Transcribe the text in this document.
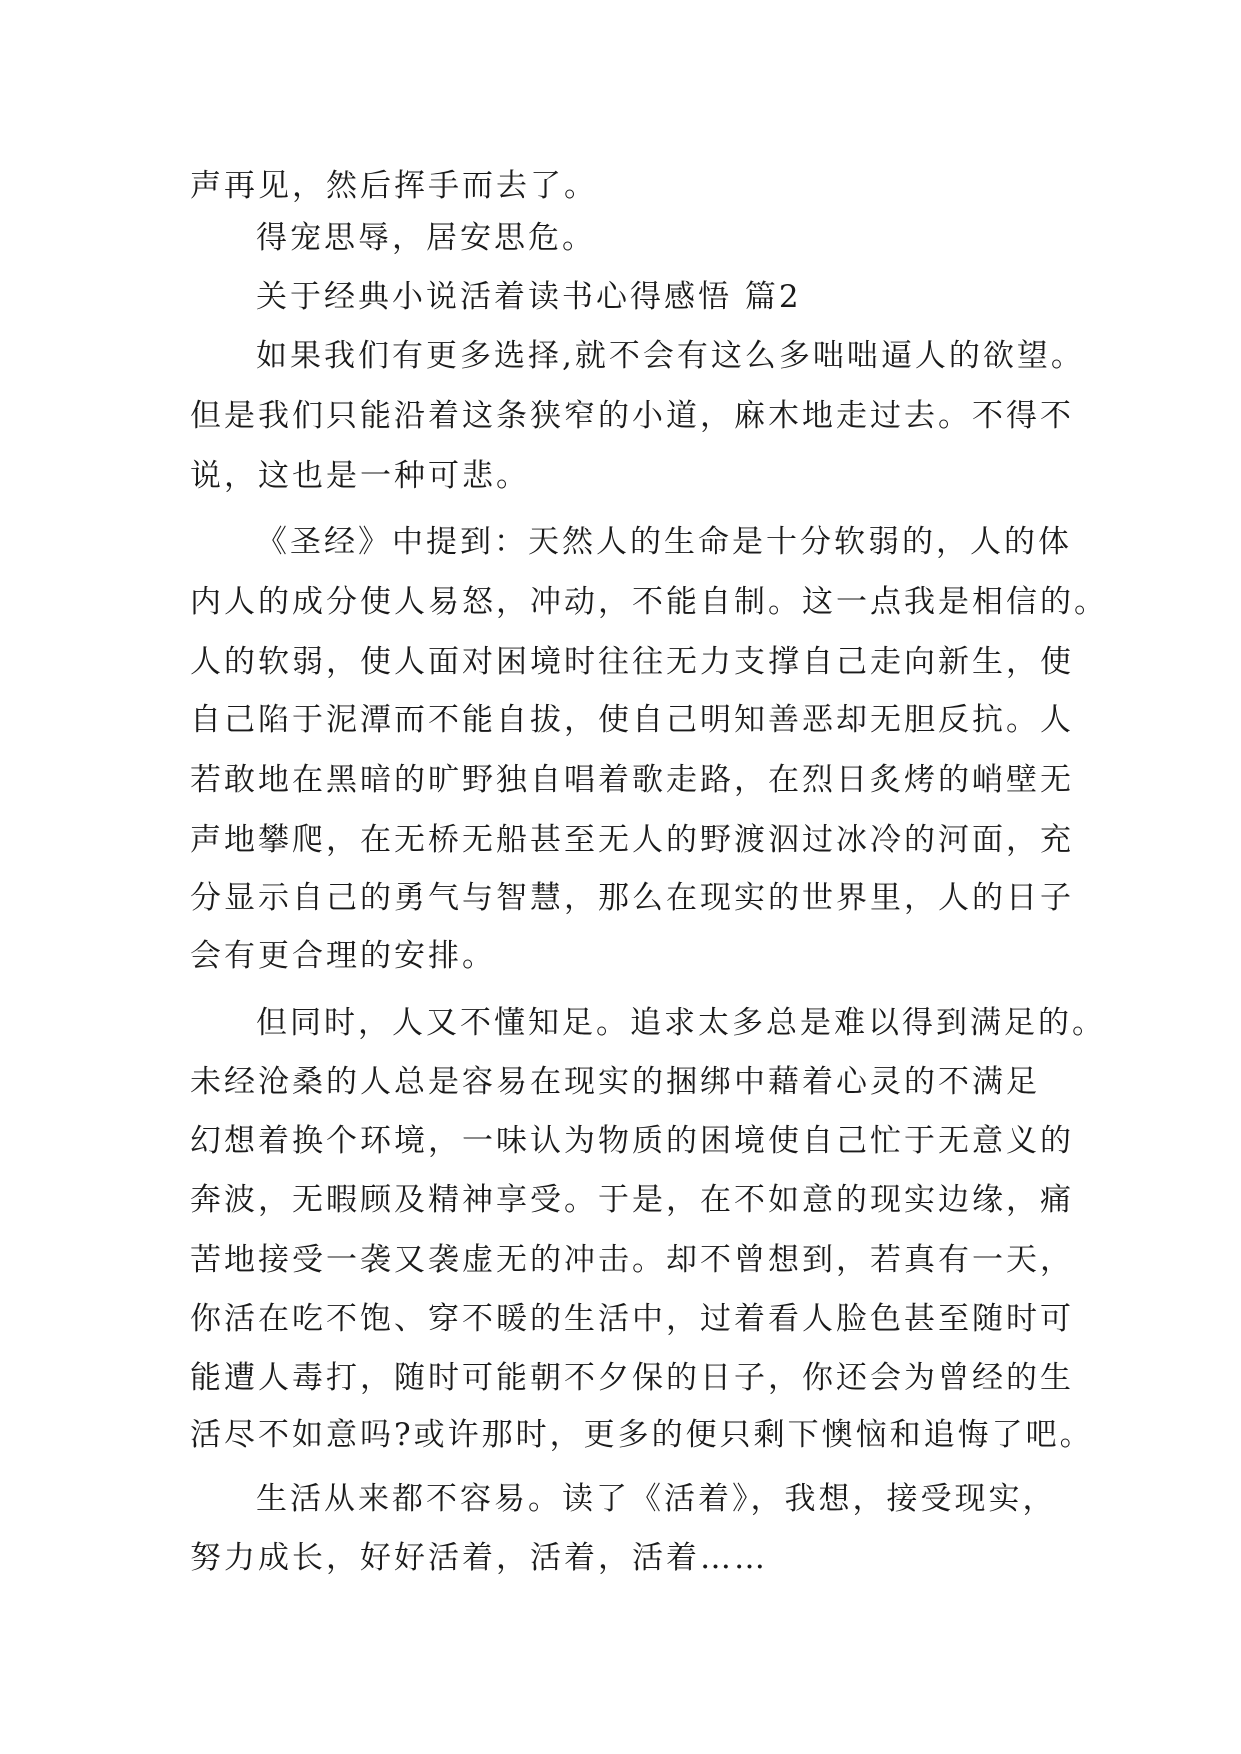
声再见，然后挥手而去了。
得宠思辱，居安思危。
关于经典小说活着读书心得感悟 篇2
如果我们有更多选择,就不会有这么多咄咄逼人的欲望。
但是我们只能沿着这条狭窄的小道，麻木地走过去。不得不
说，这也是一种可悲。
《圣经》中提到：天然人的生命是十分软弱的，人的体
内人的成分使人易怒，冲动，不能自制。这一点我是相信的。
人的软弱，使人面对困境时往往无力支撑自己走向新生，使
自己陷于泥潭而不能自拔，使自己明知善恶却无胆反抗。人
若敢地在黑暗的旷野独自唱着歌走路，在烈日炙烤的峭壁无
声地攀爬，在无桥无船甚至无人的野渡泅过冰冷的河面，充
分显示自己的勇气与智慧，那么在现实的世界里，人的日子
会有更合理的安排。
但同时，人又不懂知足。追求太多总是难以得到满足的。
未经沧桑的人总是容易在现实的捆绑中藉着心灵的不满足
幻想着换个环境，一味认为物质的困境使自己忙于无意义的
奔波，无暇顾及精神享受。于是，在不如意的现实边缘，痛
苦地接受一袭又袭虚无的冲击。却不曾想到，若真有一天，
你活在吃不饱、穿不暖的生活中，过着看人脸色甚至随时可
能遭人毒打，随时可能朝不夕保的日子，你还会为曾经的生
活尽不如意吗?或许那时，更多的便只剩下懊恼和追悔了吧。
生活从来都不容易。读了《活着》，我想，接受现实，
努力成长，好好活着，活着，活着……
